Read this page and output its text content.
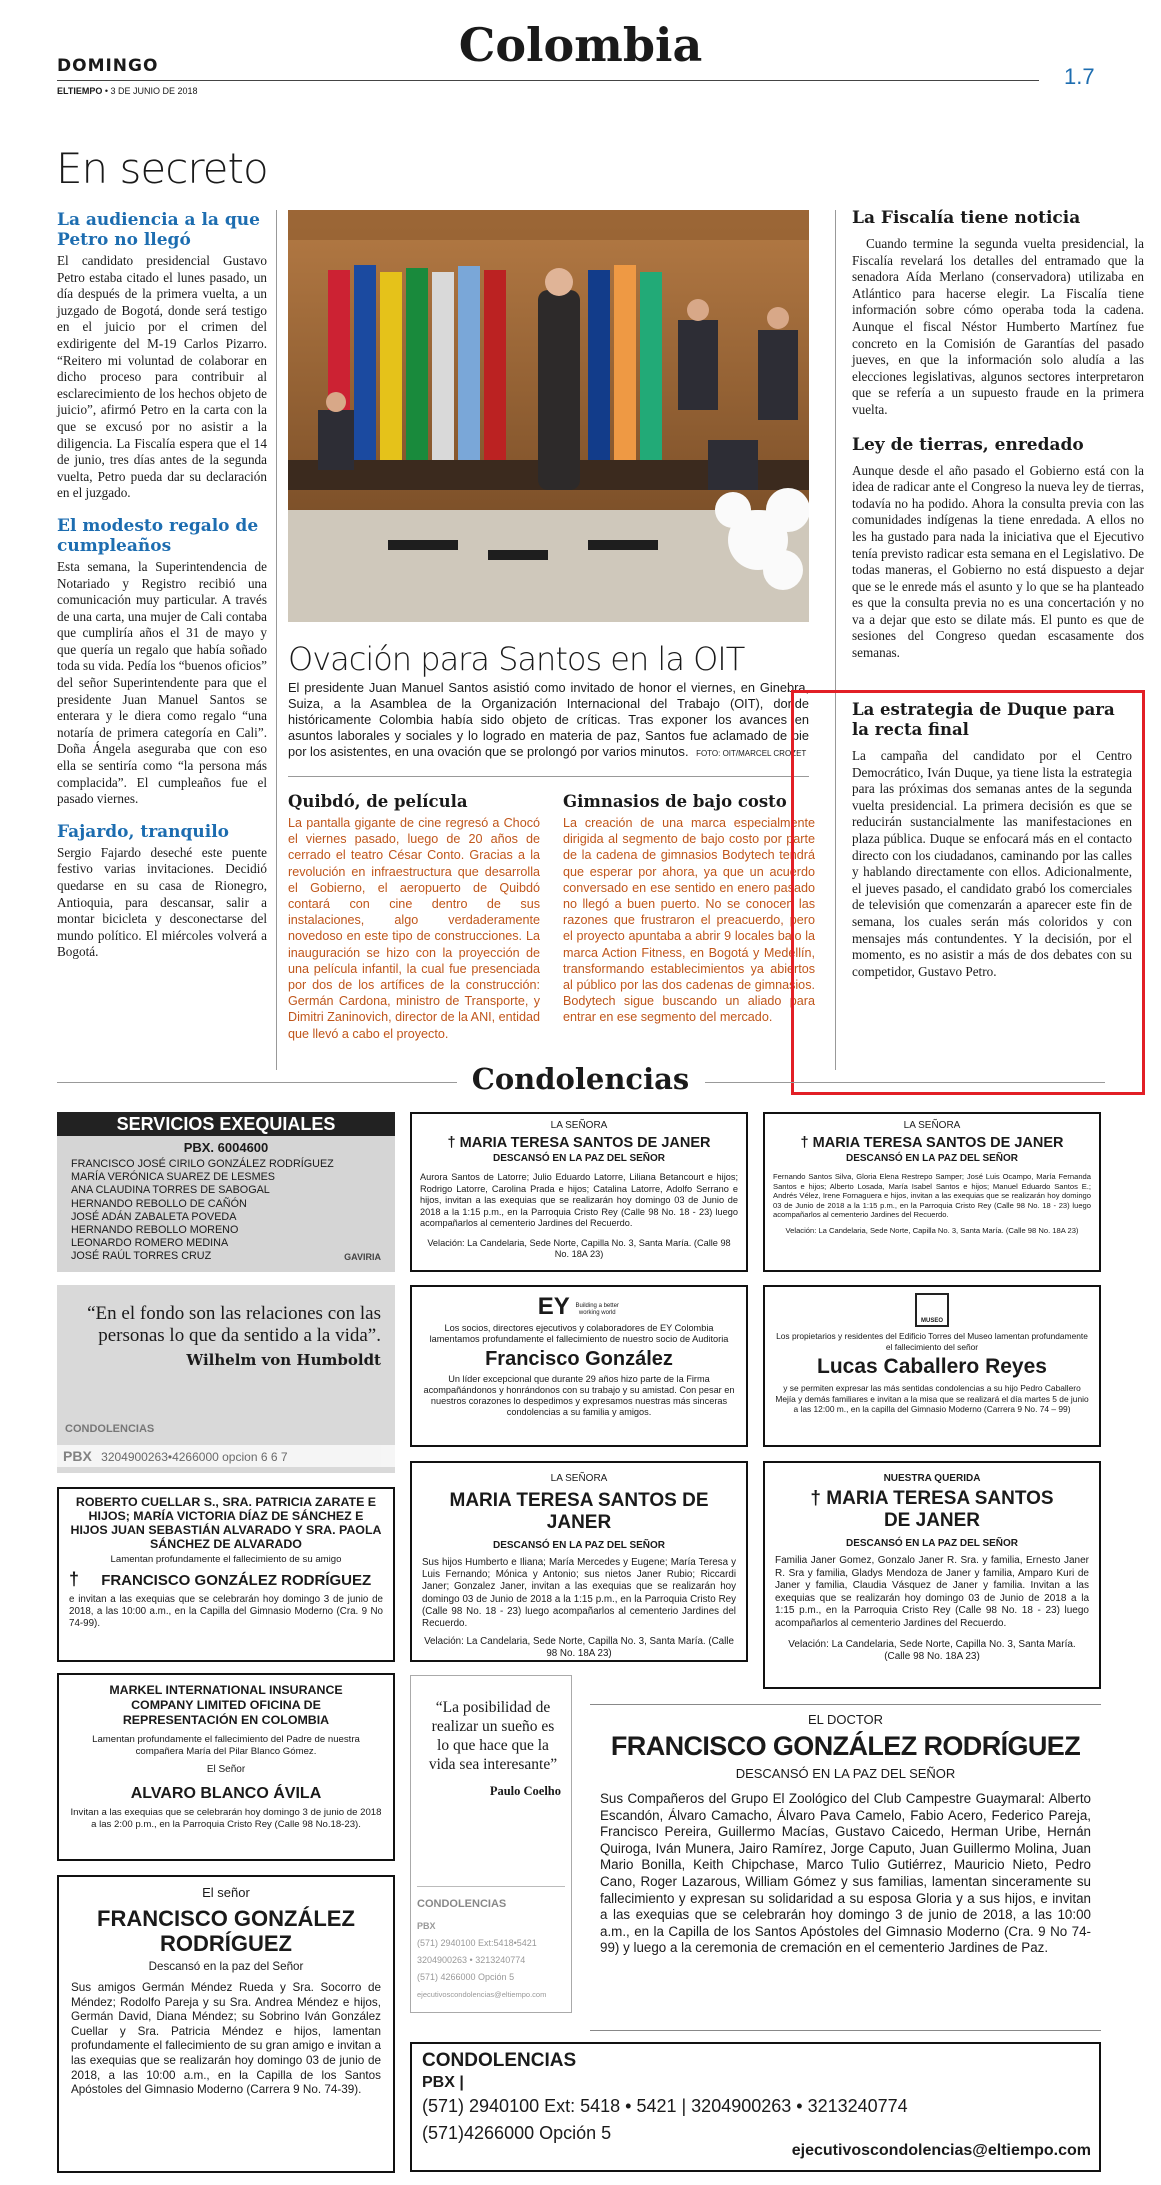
DOMINGO
ELTIEMPO • 3 DE JUNIO DE 2018
Colombia
1.7
En secreto
La audiencia a la que Petro no llegó

El candidato presidencial Gustavo Petro estaba citado el lunes pasado, un día después de la primera vuelta, a un juzgado de Bogotá, donde será testigo en el juicio por el crimen del exdirigente del M-19 Carlos Pizarro. “Reitero mi voluntad de colaborar en dicho proceso para contribuir al esclarecimiento de los hechos objeto de juicio”, afirmó Petro en la carta con la que se excusó por no asistir a la diligencia. La Fiscalía espera que el 14 de junio, tres días antes de la segunda vuelta, Petro pueda dar su declaración en el juzgado.

El modesto regalo de cumpleaños

Esta semana, la Superintendencia de Notariado y Registro recibió una comunicación muy particular. A través de una carta, una mujer de Cali contaba que cumpliría años el 31 de mayo y que quería un regalo que había soñado toda su vida. Pedía los “buenos oficios” del señor Superintendente para que el presidente Juan Manuel Santos se enterara y le diera como regalo “una notaría de primera categoría en Cali”. Doña Ángela aseguraba que con eso ella se sentiría como “la persona más complacida”. El cumpleaños fue el pasado viernes.

Fajardo, tranquilo

Sergio Fajardo deseché este puente festivo varias invitaciones. Decidió quedarse en su casa de Rionegro, Antioquia, para descansar, salir a montar bicicleta y desconectarse del mundo político. El miércoles volverá a Bogotá.

Ovación para Santos en la OIT
El presidente Juan Manuel Santos asistió como invitado de honor el viernes, en Ginebra, Suiza, a la Asamblea de la Organización Internacional del Trabajo (OIT), donde históricamente Colombia había sido objeto de críticas. Tras exponer los avances en asuntos laborales y sociales y lo logrado en materia de paz, Santos fue aclamado de pie por los asistentes, en una ovación que se prolongó por varios minutos. FOTO: OIT/MARCEL CROZET
Quibdó, de película

La pantalla gigante de cine regresó a Chocó el viernes pasado, luego de 20 años de cerrado el teatro César Conto. Gracias a la revolución en infraestructura que desarrolla el Gobierno, el aeropuerto de Quibdó contará con cine dentro de sus instalaciones, algo verdaderamente novedoso en este tipo de construcciones. La inauguración se hizo con la proyección de una película infantil, la cual fue presenciada por dos de los artífices de la construcción: Germán Cardona, ministro de Transporte, y Dimitri Zaninovich, director de la ANI, entidad que llevó a cabo el proyecto.

Gimnasios de bajo costo

La creación de una marca especialmente dirigida al segmento de bajo costo por parte de la cadena de gimnasios Bodytech tendrá que esperar por ahora, ya que un acuerdo conversado en ese sentido en enero pasado no llegó a buen puerto. No se conocen las razones que frustraron el preacuerdo, pero el proyecto apuntaba a abrir 9 locales bajo la marca Action Fitness, en Bogotá y Medellín, transformando establecimientos ya abiertos al público por las dos cadenas de gimnasios. Bodytech sigue buscando un aliado para entrar en ese segmento del mercado.

La Fiscalía tiene noticia

Cuando termine la segunda vuelta presidencial, la Fiscalía revelará los detalles del entramado que la senadora Aída Merlano (conservadora) utilizaba en Atlántico para hacerse elegir. La Fiscalía tiene información sobre cómo operaba toda la cadena. Aunque el fiscal Néstor Humberto Martínez fue concreto en la Comisión de Garantías del pasado jueves, en que la información solo aludía a las elecciones legislativas, algunos sectores interpretaron que se refería a un supuesto fraude en la primera vuelta.

Ley de tierras, enredado

Aunque desde el año pasado el Gobierno está con la idea de radicar ante el Congreso la nueva ley de tierras, todavía no ha podido. Ahora la consulta previa con las comunidades indígenas la tiene enredada. A ellos no les ha gustado para nada la iniciativa que el Ejecutivo tenía previsto radicar esta semana en el Legislativo. De todas maneras, el Gobierno no está dispuesto a dejar que se le enrede más el asunto y lo que se ha planteado es que la consulta previa no es una concertación y no va a dejar que esto se dilate más. El punto es que de sesiones del Congreso quedan escasamente dos semanas.

La estrategia de Duque para la recta final

La campaña del candidato por el Centro Democrático, Iván Duque, ya tiene lista la estrategia para las próximas dos semanas antes de la segunda vuelta presidencial. La primera decisión es que se reducirán sustancialmente las manifestaciones en plaza pública. Duque se enfocará más en el contacto directo con los ciudadanos, caminando por las calles y hablando directamente con ellos. Adicionalmente, el jueves pasado, el candidato grabó los comerciales de televisión que comenzarán a aparecer este fin de semana, los cuales serán más coloridos y con mensajes más contundentes. Y la decisión, por el momento, es no asistir a más de dos debates con su competidor, Gustavo Petro.

Condolencias
SERVICIOS EXEQUIALES
PBX. 6004600
FRANCISCO JOSÉ CIRILO GONZÁLEZ RODRÍGUEZ
MARÍA VERÓNICA SUAREZ DE LESMES
ANA CLAUDINA TORRES DE SABOGAL
HERNANDO REBOLLO DE CAÑÓN
JOSÉ ADÁN ZABALETA POVEDA
HERNANDO REBOLLO MORENO
LEONARDO ROMERO MEDINA
JOSÉ RAÚL TORRES CRUZ	GAVIRIA
LA SEÑORA
† MARIA TERESA SANTOS DE JANER
DESCANSÓ EN LA PAZ DEL SEÑOR

Aurora Santos de Latorre; Julio Eduardo Latorre, Liliana Betancourt e hijos; Rodrigo Latorre, Carolina Prada e hijos; Catalina Latorre, Adolfo Serrano e hijos, invitan a las exequias que se realizarán hoy domingo 03 de Junio de 2018 a la 1:15 p.m., en la Parroquia Cristo Rey (Calle 98 No. 18 - 23) luego acompañarlos al cementerio Jardines del Recuerdo.

Velación: La Candelaria, Sede Norte, Capilla No. 3, Santa María. (Calle 98 No. 18A 23)

LA SEÑORA
† MARIA TERESA SANTOS DE JANER
DESCANSÓ EN LA PAZ DEL SEÑOR

Fernando Santos Silva, Gloria Elena Restrepo Samper; José Luis Ocampo, María Fernanda Santos e hijos; Alberto Losada, María Isabel Santos e hijos; Manuel Eduardo Santos E.; Andrés Vélez, Irene Fornaguera e hijos, invitan a las exequias que se realizarán hoy domingo 03 de Junio de 2018 a la 1:15 p.m., en la Parroquia Cristo Rey (Calle 98 No. 18 - 23) luego acompañarlos al cementerio Jardines del Recuerdo.

Velación: La Candelaria, Sede Norte, Capilla No. 3, Santa María. (Calle 98 No. 18A 23)

“En el fondo son las relaciones con las personas lo que da sentido a la vida”.

Wilhelm von Humboldt

CONDOLENCIAS
PBX 3204900263•4266000 opcion 6 6 7
EY Building a better working world

Los socios, directores ejecutivos y colaboradores de EY Colombia lamentamos profundamente el fallecimiento de nuestro socio de Auditoria

Francisco González

Un líder excepcional que durante 29 años hizo parte de la Firma acompañándonos y honrándonos con su trabajo y su amistad. Con pesar en nuestros corazones lo despedimos y expresamos nuestras más sinceras condolencias a su familia y amigos.

MUSEO

Los propietarios y residentes del Edificio Torres del Museo lamentan profundamente el fallecimiento del señor

Lucas Caballero Reyes

y se permiten expresar las más sentidas condolencias a su hijo Pedro Caballero Mejía y demás familiares e invitan a la misa que se realizará el día martes 5 de junio a las 12:00 m., en la capilla del Gimnasio Moderno (Carrera 9 No. 74 – 99)

ROBERTO CUELLAR S., SRA. PATRICIA ZARATE E HIJOS; MARÍA VICTORIA DÍAZ DE SÁNCHEZ E HIJOS JUAN SEBASTIÁN ALVARADO Y SRA. PAOLA SÁNCHEZ DE ALVARADO
Lamentan profundamente el fallecimiento de su amigo
† FRANCISCO GONZÁLEZ RODRÍGUEZ

e invitan a las exequias que se celebrarán hoy domingo 3 de junio de 2018, a las 10:00 a.m., en la Capilla del Gimnasio Moderno (Cra. 9 No 74-99).

LA SEÑORA
MARIA TERESA SANTOS DE JANER
DESCANSÓ EN LA PAZ DEL SEÑOR

Sus hijos Humberto e Iliana; María Mercedes y Eugene; María Teresa y Luis Fernando; Mónica y Antonio; sus nietos Janer Rubio; Riccardi Janer; Gonzalez Janer, invitan a las exequias que se realizarán hoy domingo 03 de Junio de 2018 a la 1:15 p.m., en la Parroquia Cristo Rey (Calle 98 No. 18 - 23) luego acompañarlos al cementerio Jardines del Recuerdo.

Velación: La Candelaria, Sede Norte, Capilla No. 3, Santa María. (Calle 98 No. 18A 23)

NUESTRA QUERIDA
† MARIA TERESA SANTOS DE JANER
DESCANSÓ EN LA PAZ DEL SEÑOR

Familia Janer Gomez, Gonzalo Janer R. Sra. y familia, Ernesto Janer R. Sra y familia, Gladys Mendoza de Janer y familia, Amparo Kuri de Janer y familia, Claudia Vásquez de Janer y familia. Invitan a las exequias que se realizarán hoy domingo 03 de Junio de 2018 a la 1:15 p.m., en la Parroquia Cristo Rey (Calle 98 No. 18 - 23) luego acompañarlos al cementerio Jardines del Recuerdo.

Velación: La Candelaria, Sede Norte, Capilla No. 3, Santa María. (Calle 98 No. 18A 23)

MARKEL INTERNATIONAL INSURANCE COMPANY LIMITED OFICINA DE REPRESENTACIÓN EN COLOMBIA

Lamentan profundamente el fallecimiento del Padre de nuestra compañera María del Pilar Blanco Gómez.

El Señor
ALVARO BLANCO ÁVILA

Invitan a las exequias que se celebrarán hoy domingo 3 de junio de 2018 a las 2:00 p.m., en la Parroquia Cristo Rey (Calle 98 No.18-23).

“La posibilidad de realizar un sueño es lo que hace que la vida sea interesante”

Paulo Coelho

CONDOLENCIAS
PBX
(571) 2940100 Ext:5418•5421
3204900263 • 3213240774
(571) 4266000 Opción 5
ejecutivoscondolencias@eltiempo.com
EL DOCTOR
FRANCISCO GONZÁLEZ RODRÍGUEZ
DESCANSÓ EN LA PAZ DEL SEÑOR

Sus Compañeros del Grupo El Zoológico del Club Campestre Guaymaral: Alberto Escandón, Álvaro Camacho, Álvaro Pava Camelo, Fabio Acero, Federico Pareja, Francisco Pereira, Guillermo Macías, Gustavo Caicedo, Herman Uribe, Hernán Quiroga, Iván Munera, Jairo Ramírez, Jorge Caputo, Juan Guillermo Molina, Juan Mario Bonilla, Keith Chipchase, Marco Tulio Gutiérrez, Mauricio Nieto, Pedro Cano, Roger Lazarous, William Gómez y sus familias, lamentan sinceramente su fallecimiento y expresan su solidaridad a su esposa Gloria y a sus hijos, e invitan a las exequias que se celebrarán hoy domingo 3 de junio de 2018, a las 10:00 a.m., en la Capilla de los Santos Apóstoles del Gimnasio Moderno (Cra. 9 No 74-99) y luego a la ceremonia de cremación en el cementerio Jardines de Paz.

El señor
FRANCISCO GONZÁLEZ RODRÍGUEZ
Descansó en la paz del Señor

Sus amigos Germán Méndez Rueda y Sra. Socorro de Méndez; Rodolfo Pareja y su Sra. Andrea Méndez e hijos, Germán David, Diana Méndez; su Sobrino Iván González Cuellar y Sra. Patricia Méndez e hijos, lamentan profundamente el fallecimiento de su gran amigo e invitan a las exequias que se realizarán hoy domingo 03 de junio de 2018, a las 10:00 a.m., en la Capilla de los Santos Apóstoles del Gimnasio Moderno (Carrera 9 No. 74-39).

CONDOLENCIAS
PBX |
(571) 2940100 Ext: 5418 • 5421 | 3204900263 • 3213240774
(571)4266000 Opción 5
ejecutivoscondolencias@eltiempo.com
